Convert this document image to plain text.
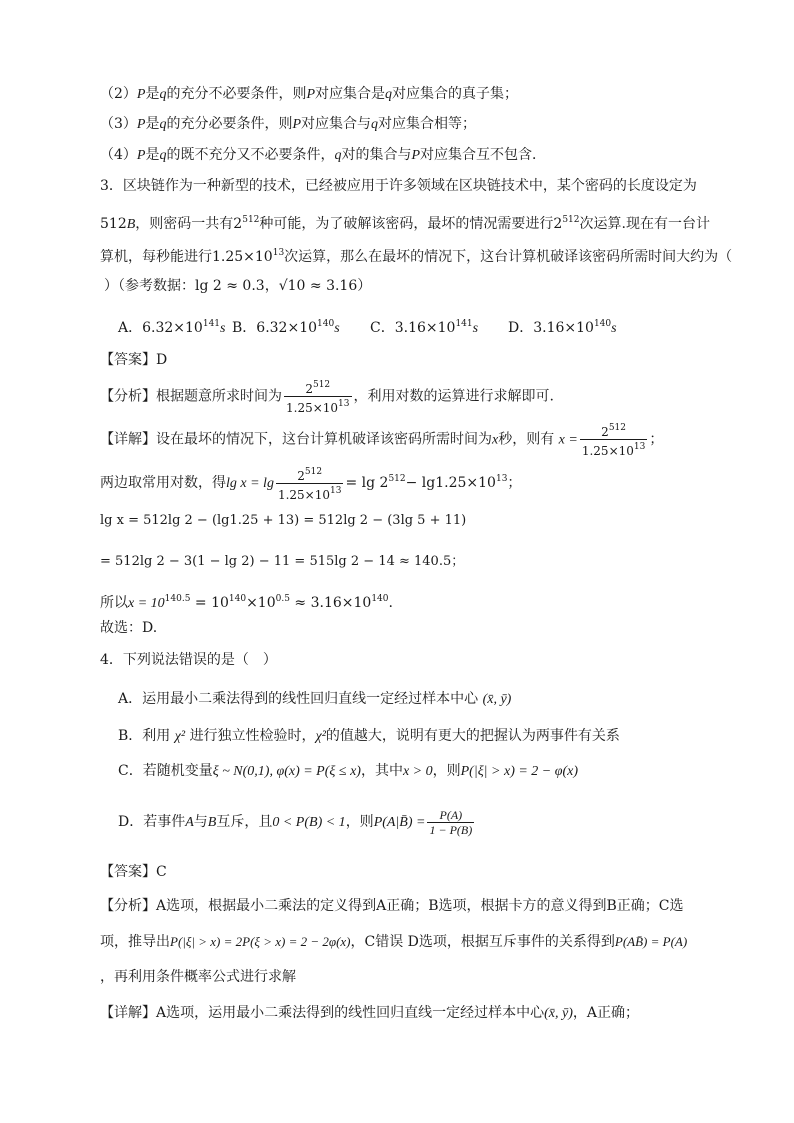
（2）P是q的充分不必要条件，则P对应集合是q对应集合的真子集；
（3）P是q的充分必要条件，则P对应集合与q对应集合相等；
（4）P是q的既不充分又不必要条件，q对的集合与P对应集合互不包含．
3．区块链作为一种新型的技术，已经被应用于许多领域在区块链技术中，某个密码的长度设定为
512B，则密码一共有$2^{512}$种可能，为了破解该密码，最坏的情况需要进行$2^{512}$次运算.现在有一台计
算机，每秒能进行$1.25\times 10^{13}$次运算，那么在最坏的情况下，这台计算机破译该密码所需时间大约为（
）（参考数据：lg 2 ≈ 0.3，√10 ≈ 3.16）
A．$6.32\times 10^{141}s$ B．$6.32\times 10^{140}s$ C．$3.16\times 10^{141}s$ D．$3.16\times 10^{140}s$
【答案】D
【分析】根据题意所求时间为 $\frac{2^{512}}{1.25\times 10^{13}}$ ，利用对数的运算进行求解即可.
【详解】设在最坏的情况下，这台计算机破译该密码所需时间为x秒，则有 $x = \frac{2^{512}}{1.25\times 10^{13}}$ ；
两边取常用对数，得$\lg x = \lg \frac{2^{512}}{1.25\times 10^{13}} = \lg 2^{512}- \lg 1.25\times 10^{13}$；
lg x = 512lg 2 − (lg1.25 + 13) = 512lg 2 − (3lg 5 + 11)
= 512lg 2 − 3(1 − lg 2) − 11 = 515lg 2 − 14 ≈ 140.5；
所以$x = 10^{140.5} = 10^{140}\times 10^{0.5} \approx 3.16\times 10^{140}$.
故选：D.
4．下列说法错误的是（　）
A．运用最小二乘法得到的线性回归直线一定经过样本中心 (x̄, ȳ)
B．利用 χ² 进行独立性检验时，χ²的值越大，说明有更大的把握认为两事件有关系
C．若随机变量ξ ~ N(0,1), φ(x) = P(ξ ≤ x)，其中x > 0，则P(|ξ| > x) = 2 − φ(x)
D．若事件A与B互斥，且0 < P(B) < 1，则P(A|B̄) = $\frac{P(A)}{1 - P(B)}$
【答案】C
【分析】A选项，根据最小二乘法的定义得到A正确；B选项，根据卡方的意义得到B正确；C选
项，推导出P(|ξ| > x) = 2P(ξ > x) = 2 − 2φ(x)，C错误 D选项，根据互斥事件的关系得到P(AB̄) = P(A)
，再利用条件概率公式进行求解
【详解】A选项，运用最小二乘法得到的线性回归直线一定经过样本中心(x̄, ȳ)，A正确；
